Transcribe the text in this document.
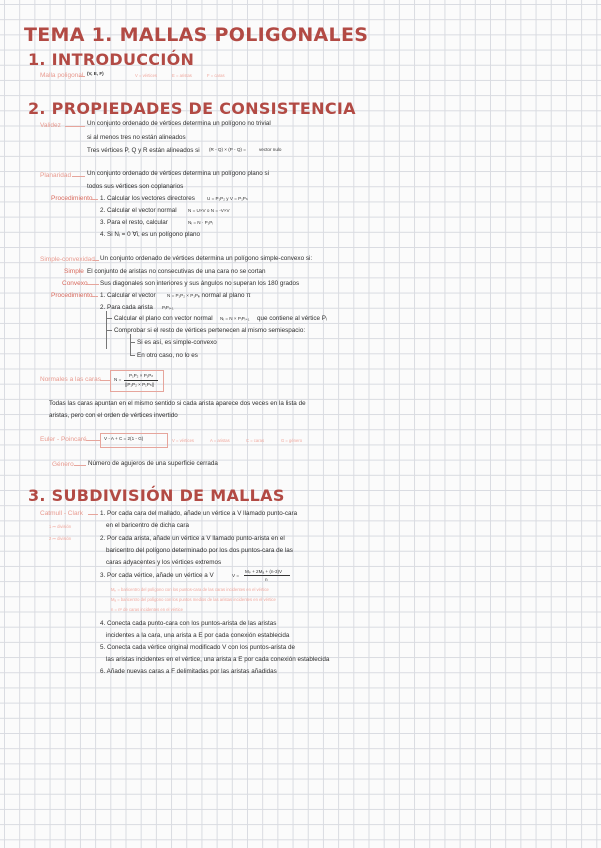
TEMA 1. MALLAS POLIGONALES
1. INTRODUCCIÓN
Malla poligonal (V, E, F)	V = vértices	E = aristas	F = caras
2. PROPIEDADES DE CONSISTENCIA
Validez	Un conjunto ordenado de vértices determina un polígono no trivial
si al menos tres no están alineados
Tres vértices P, Q y R están alineados si (R - Q) × (P - Q) =	vector nulo
Planaridad	Un conjunto ordenado de vértices determina un polígono plano si
todos sus vértices son coplanarios
Procedimiento 1. Calcular los vectores directores	U = P₁P₂ y V = P₁Pₙ
2. Calcular el vector normal N = U×V o N = -V×V
3. Para el resto, calcular	Nᵢ = N · P₁Pᵢ
4. Si Nᵢ = 0 ∀i, es un polígono plano
Simple-convexidad Un conjunto ordenado de vértices determina un polígono simple-convexo si:
Simple El conjunto de aristas no consecutivas de una cara no se cortan
Convexo Sus diagonales son interiores y sus ángulos no superan los 180 grados
Procedimiento 1. Calcular el vector N = P₁P₂ × P₁Pₙ
, normal al plano π
2. Para cada arista PᵢPᵢ₊₁
Calcular el plano con vector normal Nᵢ = N × PᵢPᵢ₊₁ que contiene al vértice Pᵢ
Comprobar si el resto de vértices pertenecen al mismo semiespacio:
Si es así, es simple-convexo
En otro caso, no lo es
Normales a las caras	N =
P₁P₂ × P₁Pₙ
||P₁P₂ × P₁Pₙ||
Todas las caras apuntan en el mismo sentido si cada arista aparece dos veces en la lista de
aristas, pero con el orden de vértices invertido
Euler - Poincaré	V - A + C = 2(1 - G)	V = vértices	A = aristas	C = caras	G = género
Género Número de agujeros de una superficie cerrada
3. SUBDIVISIÓN DE MALLAS
Catmull - Clark
1 ↦ división
2 ↦ división
1. Por cada cara del mallado, añade un vértice a V llamado punto-cara
en el baricentro de dicha cara
2. Por cada arista, añade un vértice a V llamado punto-arista en el
baricentro del polígono determinado por los dos puntos-cara de las
caras adyacentes y los vértices extremos
3. Por cada vértice, añade un vértice a V	V =
Mₚ + 2Mₐ + (n-3)V
n
Mₚ = baricentro del polígono con los puntos-cara de las caras incidentes en el vértice
Mₐ = baricentro del polígono con los puntos medios de las aristas incidentes en el vértice
n = nº de caras incidentes en el vértice
4. Conecta cada punto-cara con los puntos-arista de las aristas
incidentes a la cara, una arista a E por cada conexión establecida
5. Conecta cada vértice original modificado V con los puntos-arista de
las aristas incidentes en el vértice, una arista a E por cada conexión establecida
6. Añade nuevas caras a F delimitadas por las aristas añadidas
